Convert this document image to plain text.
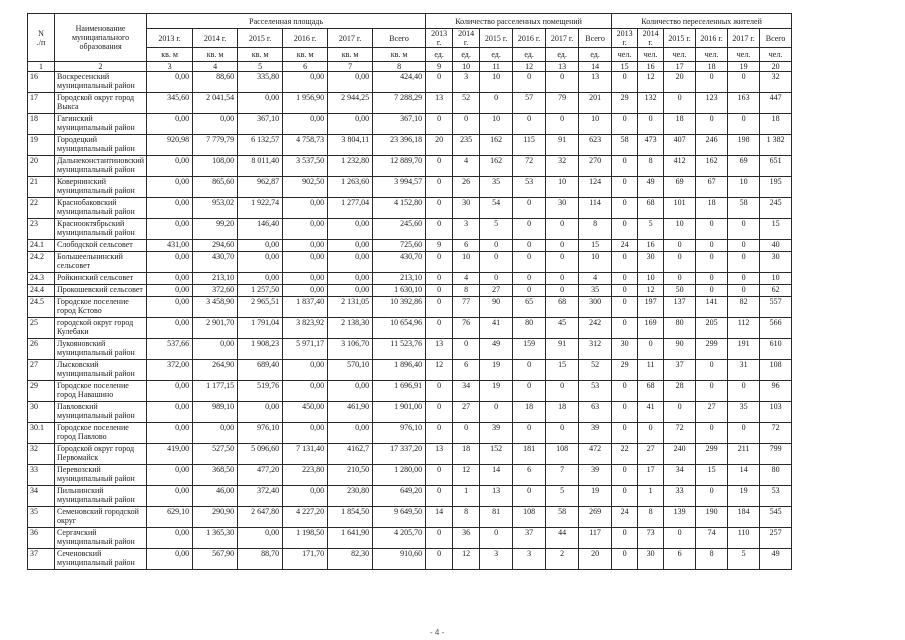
N
./п	Наименование муниципального образования	Расселенная площадь						Количество расселенных помещений						Количество переселенных жителей					
		2013 г.	2014 г.	2015 г.	2016 г.	2017 г.	Всего	2013 г.	2014 г.	2015 г.	2016 г.	2017 г.	Всего	2013 г.	2014 г.	2015 г.	2016 г.	2017 г.	Всего
		кв. м	кв. м	кв. м	кв. м	кв. м	кв. м	ед.	ед.	ед.	ед.	ед.	ед.	чел.	чел.	чел.	чел.	чел.	чел.
1	2	3	4	5	6	7	8	9	10	11	12	13	14	15	16	17	18	19	20
16	Воскресенский муниципальный район	0,00	88,60	335,80	0,00	0,00	424,40	0	3	10	0	0	13	0	12	20	0	0	32
17	Городской округ город Выкса	345,60	2 041,54	0,00	1 956,90	2 944,25	7 288,29	13	52	0	57	79	201	29	132	0	123	163	447
18	Гагинский муниципальный район	0,00	0,00	367,10	0,00	0,00	367,10	0	0	10	0	0	10	0	0	18	0	0	18
19	Городецкий муниципальный район	920,98	7 779,79	6 132,57	4 758,73	3 804,11	23 396,18	20	235	162	115	91	623	58	473	407	246	198	1 382
20	Дальнеконстантиновский муниципальный район	0,00	108,00	8 011,40	3 537,50	1 232,80	12 889,70	0	4	162	72	32	270	0	8	412	162	69	651
21	Ковернинский муниципальный район	0,00	865,60	962,87	902,50	1 263,60	3 994,57	0	26	35	53	10	124	0	49	69	67	10	195
22	Краснобаковский муниципальный район	0,00	953,02	1 922,74	0,00	1 277,04	4 152,80	0	30	54	0	30	114	0	68	101	18	58	245
23	Краснооктябрьский муниципальный район	0,00	99,20	146,40	0,00	0,00	245,60	0	3	5	0	0	8	0	5	10	0	0	15
24.1	Слободской сельсовет	431,00	294,60	0,00	0,00	0,00	725,60	9	6	0	0	0	15	24	16	0	0	0	40
24.2	Большеельнинский сельсовет	0,00	430,70	0,00	0,00	0,00	430,70	0	10	0	0	0	10	0	30	0	0	0	30
24.3	Ройкинский сельсовет	0,00	213,10	0,00	0,00	0,00	213,10	0	4	0	0	0	4	0	10	0	0	0	10
24.4	Прокошевский сельсовет	0,00	372,60	1 257,50	0,00	0,00	1 630,10	0	8	27	0	0	35	0	12	50	0	0	62
24.5	Городское поселение город Кстово	0,00	3 458,90	2 965,51	1 837,40	2 131,05	10 392,86	0	77	90	65	68	300	0	197	137	141	82	557
25	городской округ город Кулебаки	0,00	2 901,70	1 791,04	3 823,92	2 138,30	10 654,96	0	76	41	80	45	242	0	169	80	205	112	566
26	Лукояновский муниципальный район	537,66	0,00	1 908,23	5 971,17	3 106,70	11 523,76	13	0	49	159	91	312	30	0	90	299	191	610
27	Лысковский муниципальный район	372,00	264,90	689,40	0,00	570,10	1 896,40	12	6	19	0	15	52	29	11	37	0	31	108
29	Городское поселение город Навашино	0,00	1 177,15	519,76	0,00	0,00	1 696,91	0	34	19	0	0	53	0	68	28	0	0	96
30	Павловский муниципальный район	0,00	989,10	0,00	450,00	461,90	1 901,00	0	27	0	18	18	63	0	41	0	27	35	103
30.1	Городское поселение город Павлово	0,00	0,00	976,10	0,00	0,00	976,10	0	0	39	0	0	39	0	0	72	0	0	72
32	Городской округ город Первомайск	419,00	527,50	5 096,60	7 131,40	4162,7	17 337,20	13	18	152	181	108	472	22	27	240	299	211	799
33	Перевозский муниципальный район	0,00	368,50	477,20	223,80	210,50	1 280,00	0	12	14	6	7	39	0	17	34	15	14	80
34	Пильнинский муниципальный район	0,00	46,00	372,40	0,00	230,80	649,20	0	1	13	0	5	19	0	1	33	0	19	53
35	Семеновский городской округ	629,10	290,90	2 647,80	4 227,20	1 854,50	9 649,50	14	8	81	108	58	269	24	8	139	190	184	545
36	Сергачский муниципальный район	0,00	1 365,30	0,00	1 198,50	1 641,90	4 205,70	0	36	0	37	44	117	0	73	0	74	110	257
37	Сеченовский муниципальный район	0,00	567,90	88,70	171,70	82,30	910,60	0	12	3	3	2	20	0	30	6	8	5	49
- 4 -
